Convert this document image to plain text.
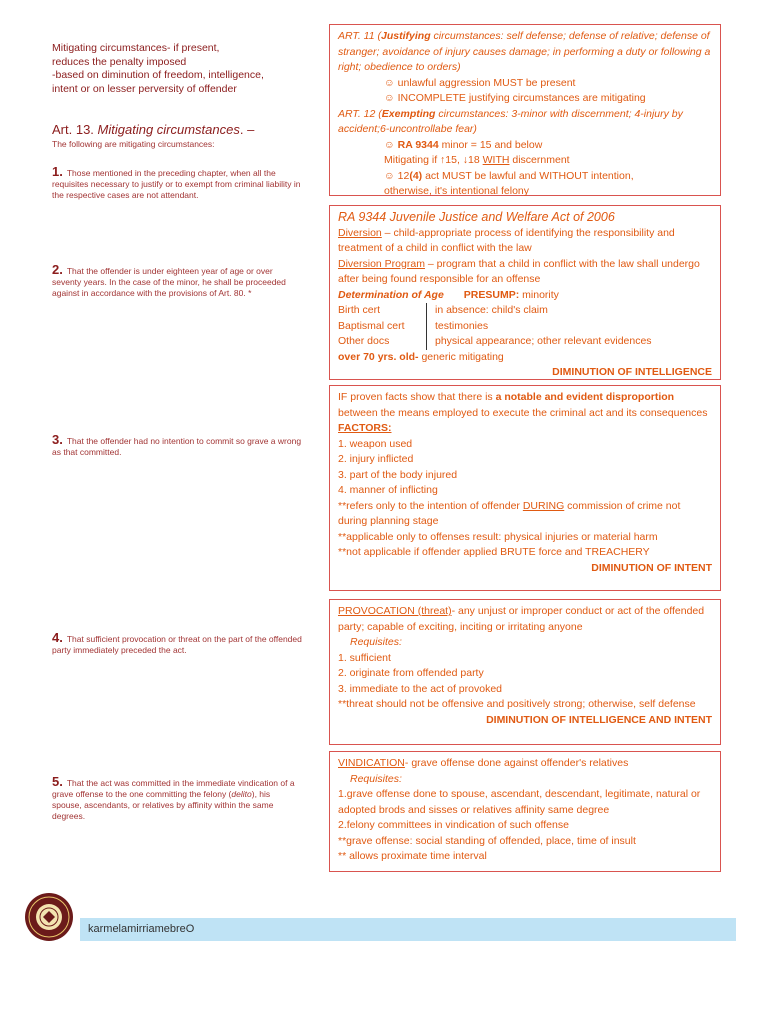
Mitigating circumstances- if present,
reduces the penalty imposed
-based on diminution of freedom, intelligence,
intent or on lesser perversity of offender
Art. 13. Mitigating circumstances. –
The following are mitigating circumstances:
1. Those mentioned in the preceding chapter, when all the requisites necessary to justify or to exempt from criminal liability in the respective cases are not attendant.
2. That the offender is under eighteen year of age or over seventy years. In the case of the minor, he shall be proceeded against in accordance with the provisions of Art. 80. *
3. That the offender had no intention to commit so grave a wrong as that committed.
4. That sufficient provocation or threat on the part of the offended party immediately preceded the act.
5. That the act was committed in the immediate vindication of a grave offense to the one committing the felony (delito), his spouse, ascendants, or relatives by affinity within the same degrees.
ART. 11 (Justifying circumstances: self defense; defense of relative; defense of stranger; avoidance of injury causes damage; in performing a duty or following a right; obedience to orders)
☺ unlawful aggression MUST be present
☺ INCOMPLETE justifying circumstances are mitigating
ART. 12 (Exempting circumstances: 3-minor with discernment; 4-injury by accident;6-uncontrollabe fear)
☺ RA 9344 minor = 15 and below
Mitigating if ↑15, ↓18 WITH discernment
☺ 12(4) act MUST be lawful and WITHOUT intention,
otherwise, it's intentional felony
RA 9344 Juvenile Justice and Welfare Act of 2006
Diversion – child-appropriate process of identifying the responsibility and treatment of a child in conflict with the law
Diversion Program – program that a child in conflict with the law shall undergo after being found responsible for an offense
Determination of Age PRESUMP: minority
Birth cert	in absence: child's claim
Baptismal cert	testimonies
Other docs	physical appearance; other relevant evidences
over 70 yrs. old- generic mitigating
DIMINUTION OF INTELLIGENCE
IF proven facts show that there is a notable and evident disproportion between the means employed to execute the criminal act and its consequences
FACTORS:
1. weapon used
2. injury inflicted
3. part of the body injured
4. manner of inflicting
**refers only to the intention of offender DURING commission of crime not during planning stage
**applicable only to offenses result: physical injuries or material harm
**not applicable if offender applied BRUTE force and TREACHERY
DIMINUTION OF INTENT
PROVOCATION (threat)- any unjust or improper conduct or act of the offended party; capable of exciting, inciting or irritating anyone
Requisites:
1. sufficient
2. originate from offended party
3. immediate to the act of provoked
**threat should not be offensive and positively strong; otherwise, self defense
DIMINUTION OF INTELLIGENCE AND INTENT
VINDICATION- grave offense done against offender's relatives
Requisites:
1.grave offense done to spouse, ascendant, descendant, legitimate, natural or adopted brods and sisses or relatives affinity same degree
2.felony committees in vindication of such offense
**grave offense: social standing of offended, place, time of insult
** allows proximate time interval
karmelamirriamebreO
